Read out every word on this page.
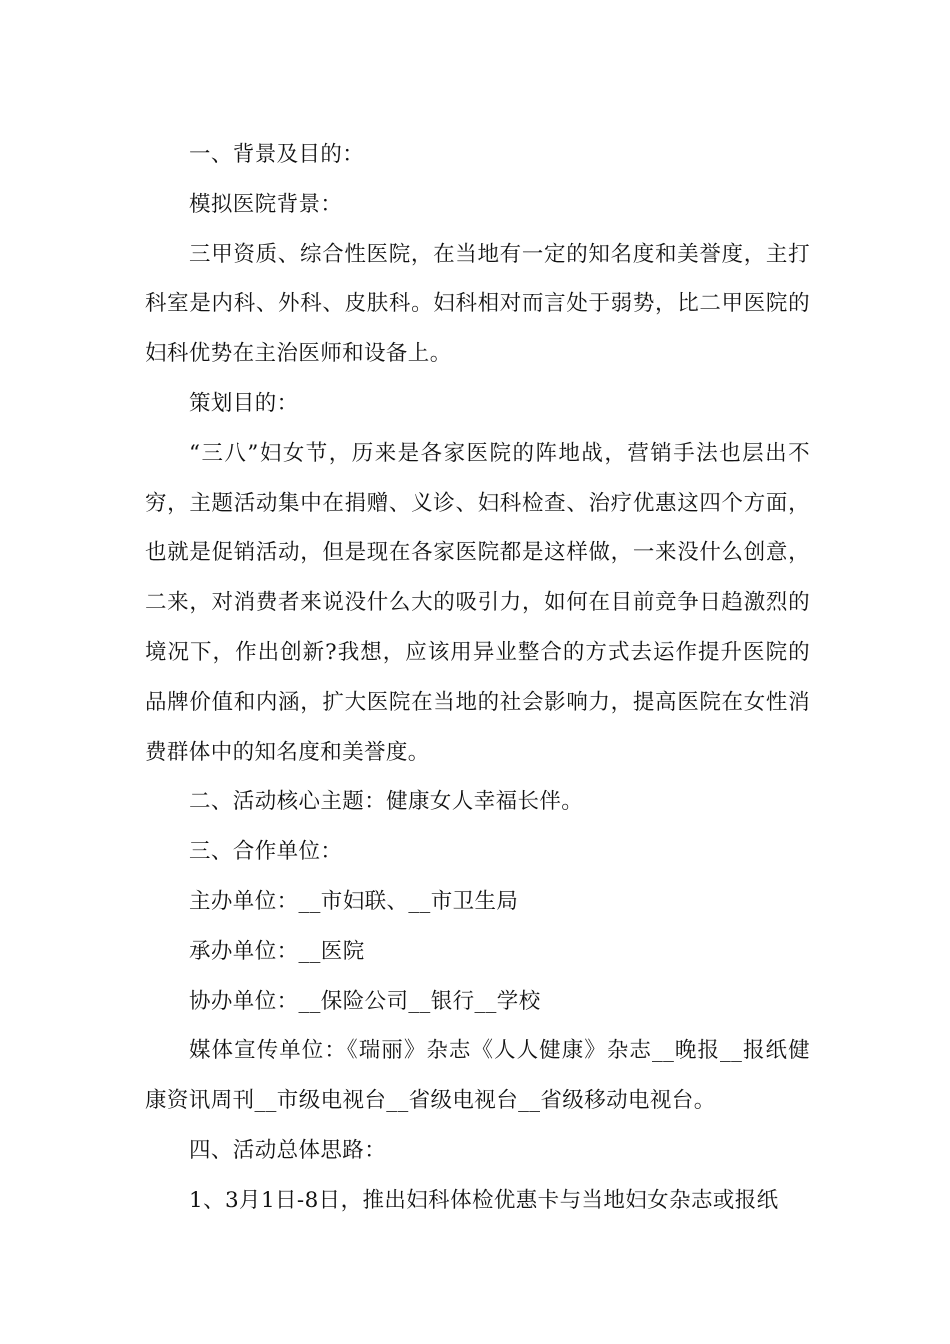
一、背景及目的：

模拟医院背景：

三甲资质、综合性医院，在当地有一定的知名度和美誉度，主打科室是内科、外科、皮肤科。妇科相对而言处于弱势，比二甲医院的妇科优势在主治医师和设备上。

策划目的：

“三八”妇女节，历来是各家医院的阵地战，营销手法也层出不穷，主题活动集中在捐赠、义诊、妇科检查、治疗优惠这四个方面，也就是促销活动，但是现在各家医院都是这样做，一来没什么创意，二来，对消费者来说没什么大的吸引力，如何在目前竞争日趋激烈的境况下，作出创新?我想，应该用异业整合的方式去运作提升医院的品牌价值和内涵，扩大医院在当地的社会影响力，提高医院在女性消费群体中的知名度和美誉度。

二、活动核心主题：健康女人幸福长伴。

三、合作单位：

主办单位：__市妇联、__市卫生局

承办单位：__医院

协办单位：__保险公司__银行__学校

媒体宣传单位：《瑞丽》杂志《人人健康》杂志__晚报__报纸健康资讯周刊__市级电视台__省级电视台__省级移动电视台。

四、活动总体思路：

1、3月1日-8日，推出妇科体检优惠卡与当地妇女杂志或报纸
